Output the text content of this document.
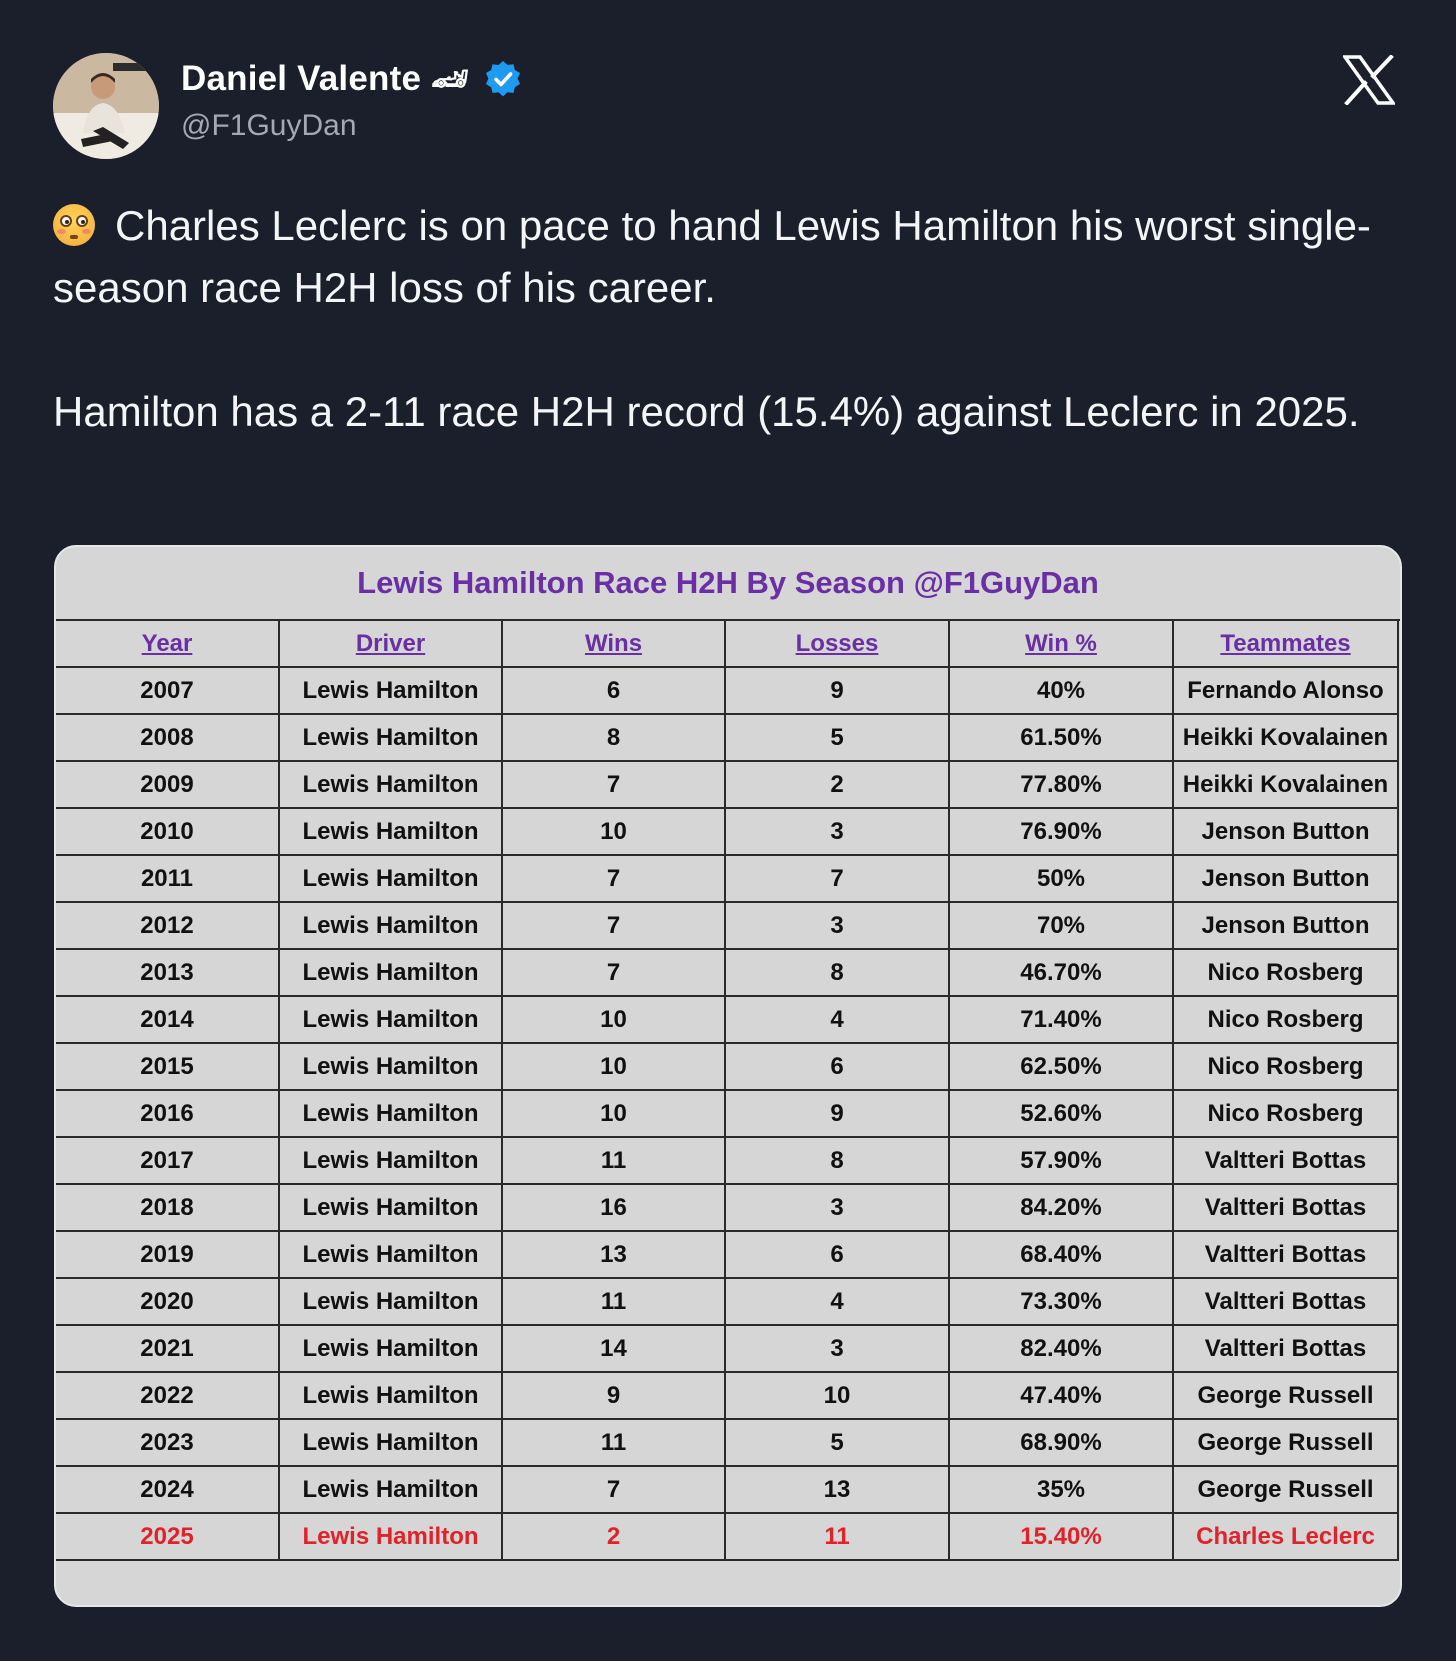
Daniel Valente 🏎
@F1GuyDan

Charles Leclerc is on pace to hand Lewis Hamilton his worst single-season race H2H loss of his career.

Hamilton has a 2-11 race H2H record (15.4%) against Leclerc in 2025.

Lewis Hamilton Race H2H By Season @F1GuyDan
Year	Driver	Wins	Losses	Win %	Teammates
2007	Lewis Hamilton	6	9	40%	Fernando Alonso
2008	Lewis Hamilton	8	5	61.50%	Heikki Kovalainen
2009	Lewis Hamilton	7	2	77.80%	Heikki Kovalainen
2010	Lewis Hamilton	10	3	76.90%	Jenson Button
2011	Lewis Hamilton	7	7	50%	Jenson Button
2012	Lewis Hamilton	7	3	70%	Jenson Button
2013	Lewis Hamilton	7	8	46.70%	Nico Rosberg
2014	Lewis Hamilton	10	4	71.40%	Nico Rosberg
2015	Lewis Hamilton	10	6	62.50%	Nico Rosberg
2016	Lewis Hamilton	10	9	52.60%	Nico Rosberg
2017	Lewis Hamilton	11	8	57.90%	Valtteri Bottas
2018	Lewis Hamilton	16	3	84.20%	Valtteri Bottas
2019	Lewis Hamilton	13	6	68.40%	Valtteri Bottas
2020	Lewis Hamilton	11	4	73.30%	Valtteri Bottas
2021	Lewis Hamilton	14	3	82.40%	Valtteri Bottas
2022	Lewis Hamilton	9	10	47.40%	George Russell
2023	Lewis Hamilton	11	5	68.90%	George Russell
2024	Lewis Hamilton	7	13	35%	George Russell
2025	Lewis Hamilton	2	11	15.40%	Charles Leclerc
